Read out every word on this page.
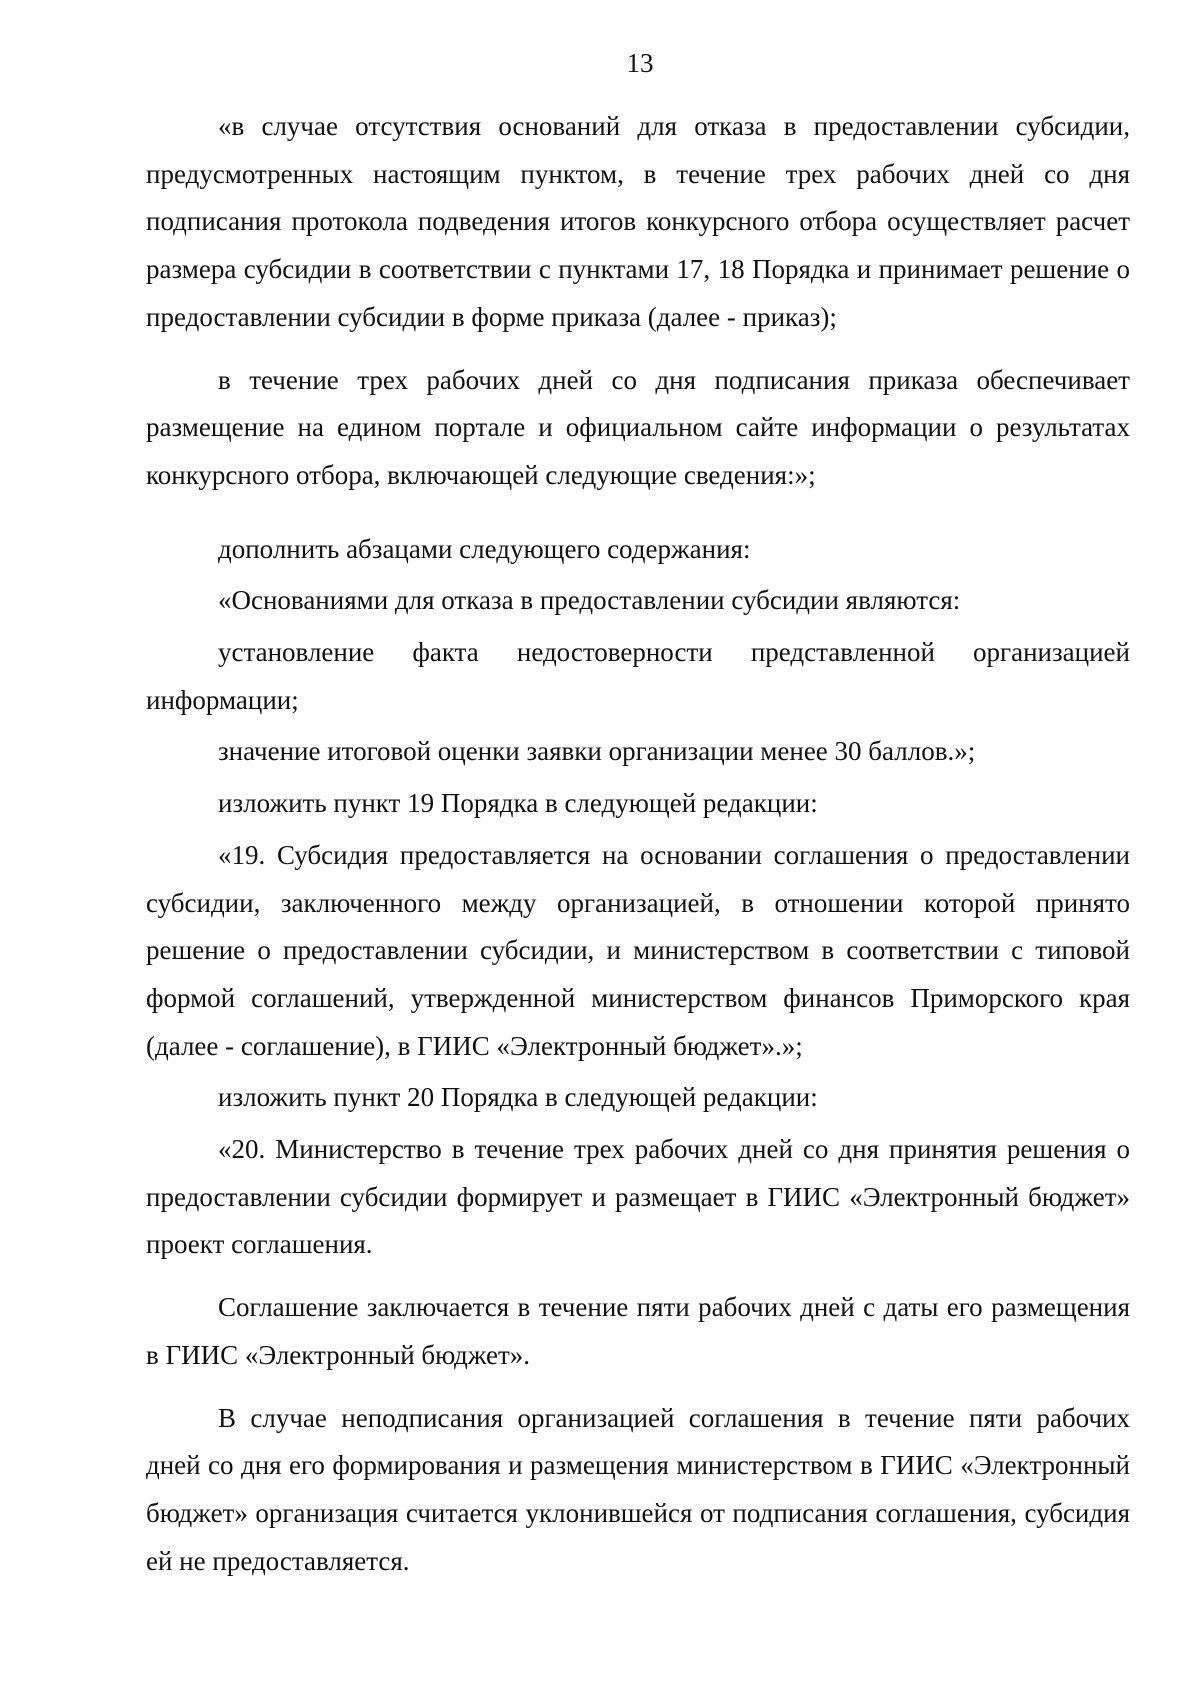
13

«в случае отсутствия оснований для отказа в предоставлении субсидии, предусмотренных настоящим пунктом, в течение трех рабочих дней со дня подписания протокола подведения итогов конкурсного отбора осуществляет расчет размера субсидии в соответствии с пунктами 17, 18 Порядка и принимает решение о предоставлении субсидии в форме приказа (далее - приказ);

в течение трех рабочих дней со дня подписания приказа обеспечивает размещение на едином портале и официальном сайте информации о результатах конкурсного отбора, включающей следующие сведения:»;

дополнить абзацами следующего содержания:

«Основаниями для отказа в предоставлении субсидии являются:

установление факта недостоверности представленной организацией информации;

значение итоговой оценки заявки организации менее 30 баллов.»;

изложить пункт 19 Порядка в следующей редакции:

«19. Субсидия предоставляется на основании соглашения о предоставлении субсидии, заключенного между организацией, в отношении которой принято решение о предоставлении субсидии, и министерством в соответствии с типовой формой соглашений, утвержденной министерством финансов Приморского края (далее - соглашение), в ГИИС «Электронный бюджет».»;

изложить пункт 20 Порядка в следующей редакции:

«20. Министерство в течение трех рабочих дней со дня принятия решения о предоставлении субсидии формирует и размещает в ГИИС «Электронный бюджет» проект соглашения.

Соглашение заключается в течение пяти рабочих дней с даты его размещения в ГИИС «Электронный бюджет».

В случае неподписания организацией соглашения в течение пяти рабочих дней со дня его формирования и размещения министерством в ГИИС «Электронный бюджет» организация считается уклонившейся от подписания соглашения, субсидия ей не предоставляется.
